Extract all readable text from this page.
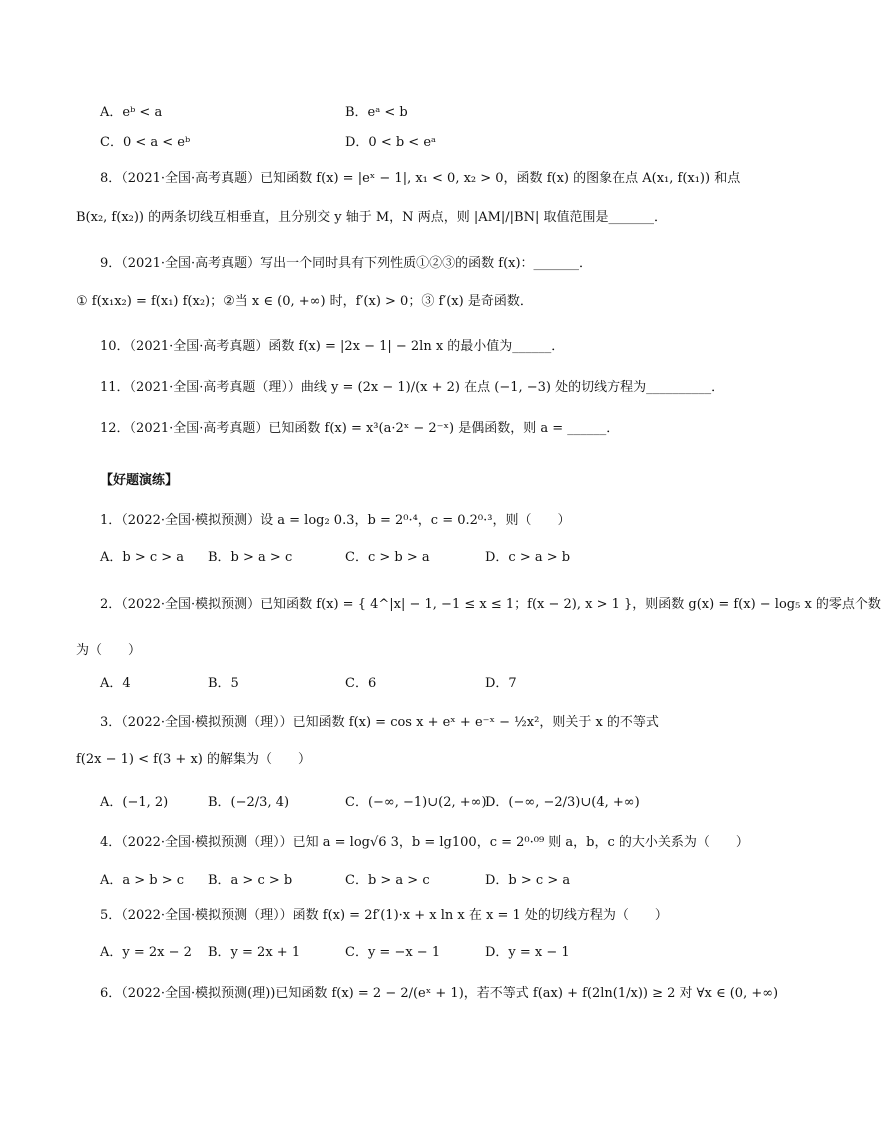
A．eᵇ < a	B．eᵃ < b
C．0 < a < eᵇ	D．0 < b < eᵃ
8．（2021·全国·高考真题）已知函数 f(x) = |eˣ − 1|, x₁ < 0, x₂ > 0，函数 f(x) 的图象在点 A(x₁, f(x₁)) 和点
B(x₂, f(x₂)) 的两条切线互相垂直，且分别交 y 轴于 M，N 两点，则 |AM|/|BN| 取值范围是_______．
9．（2021·全国·高考真题）写出一个同时具有下列性质①②③的函数 f(x)：_______．
① f(x₁x₂) = f(x₁) f(x₂)；②当 x ∈ (0, +∞) 时，f′(x) > 0；③ f′(x) 是奇函数．
10．（2021·全国·高考真题）函数 f(x) = |2x − 1| − 2ln x 的最小值为______．
11．（2021·全国·高考真题（理））曲线 y = (2x − 1)/(x + 2) 在点 (−1, −3) 处的切线方程为__________．
12．（2021·全国·高考真题）已知函数 f(x) = x³(a·2ˣ − 2⁻ˣ) 是偶函数，则 a = ______．
【好题演练】
1．（2022·全国·模拟预测）设 a = log₂ 0.3，b = 2⁰·⁴，c = 0.2⁰·³，则（　　）
A．b > c > a B．b > a > c	C．c > b > a	D．c > a > b
2．（2022·全国·模拟预测）已知函数 f(x) = { 4^|x| − 1, −1 ≤ x ≤ 1；f(x − 2), x > 1 }，则函数 g(x) = f(x) − log₅ x 的零点个数
为（　　）
A．4	B．5	C．6	D．7
3．（2022·全国·模拟预测（理））已知函数 f(x) = cos x + eˣ + e⁻ˣ − ½x²，则关于 x 的不等式
f(2x − 1) < f(3 + x) 的解集为（　　）
A．(−1, 2)	B．(−2/3, 4)	C．(−∞, −1)∪(2, +∞)
D．(−∞, −2/3)∪(4, +∞)
4．（2022·全国·模拟预测（理））已知 a = log√6 3，b = lg100，c = 2⁰·⁰⁹ 则 a，b，c 的大小关系为（　　）
A．a > b > c B．a > c > b	C．b > a > c	D．b > c > a
5．（2022·全国·模拟预测（理））函数 f(x) = 2f′(1)·x + x ln x 在 x = 1 处的切线方程为（　　）
A．y = 2x − 2 B．y = 2x + 1	C．y = −x − 1	D．y = x − 1
6．（2022·全国·模拟预测(理))已知函数 f(x) = 2 − 2/(eˣ + 1)，若不等式 f(ax) + f(2ln(1/x)) ≥ 2 对 ∀x ∈ (0, +∞)
